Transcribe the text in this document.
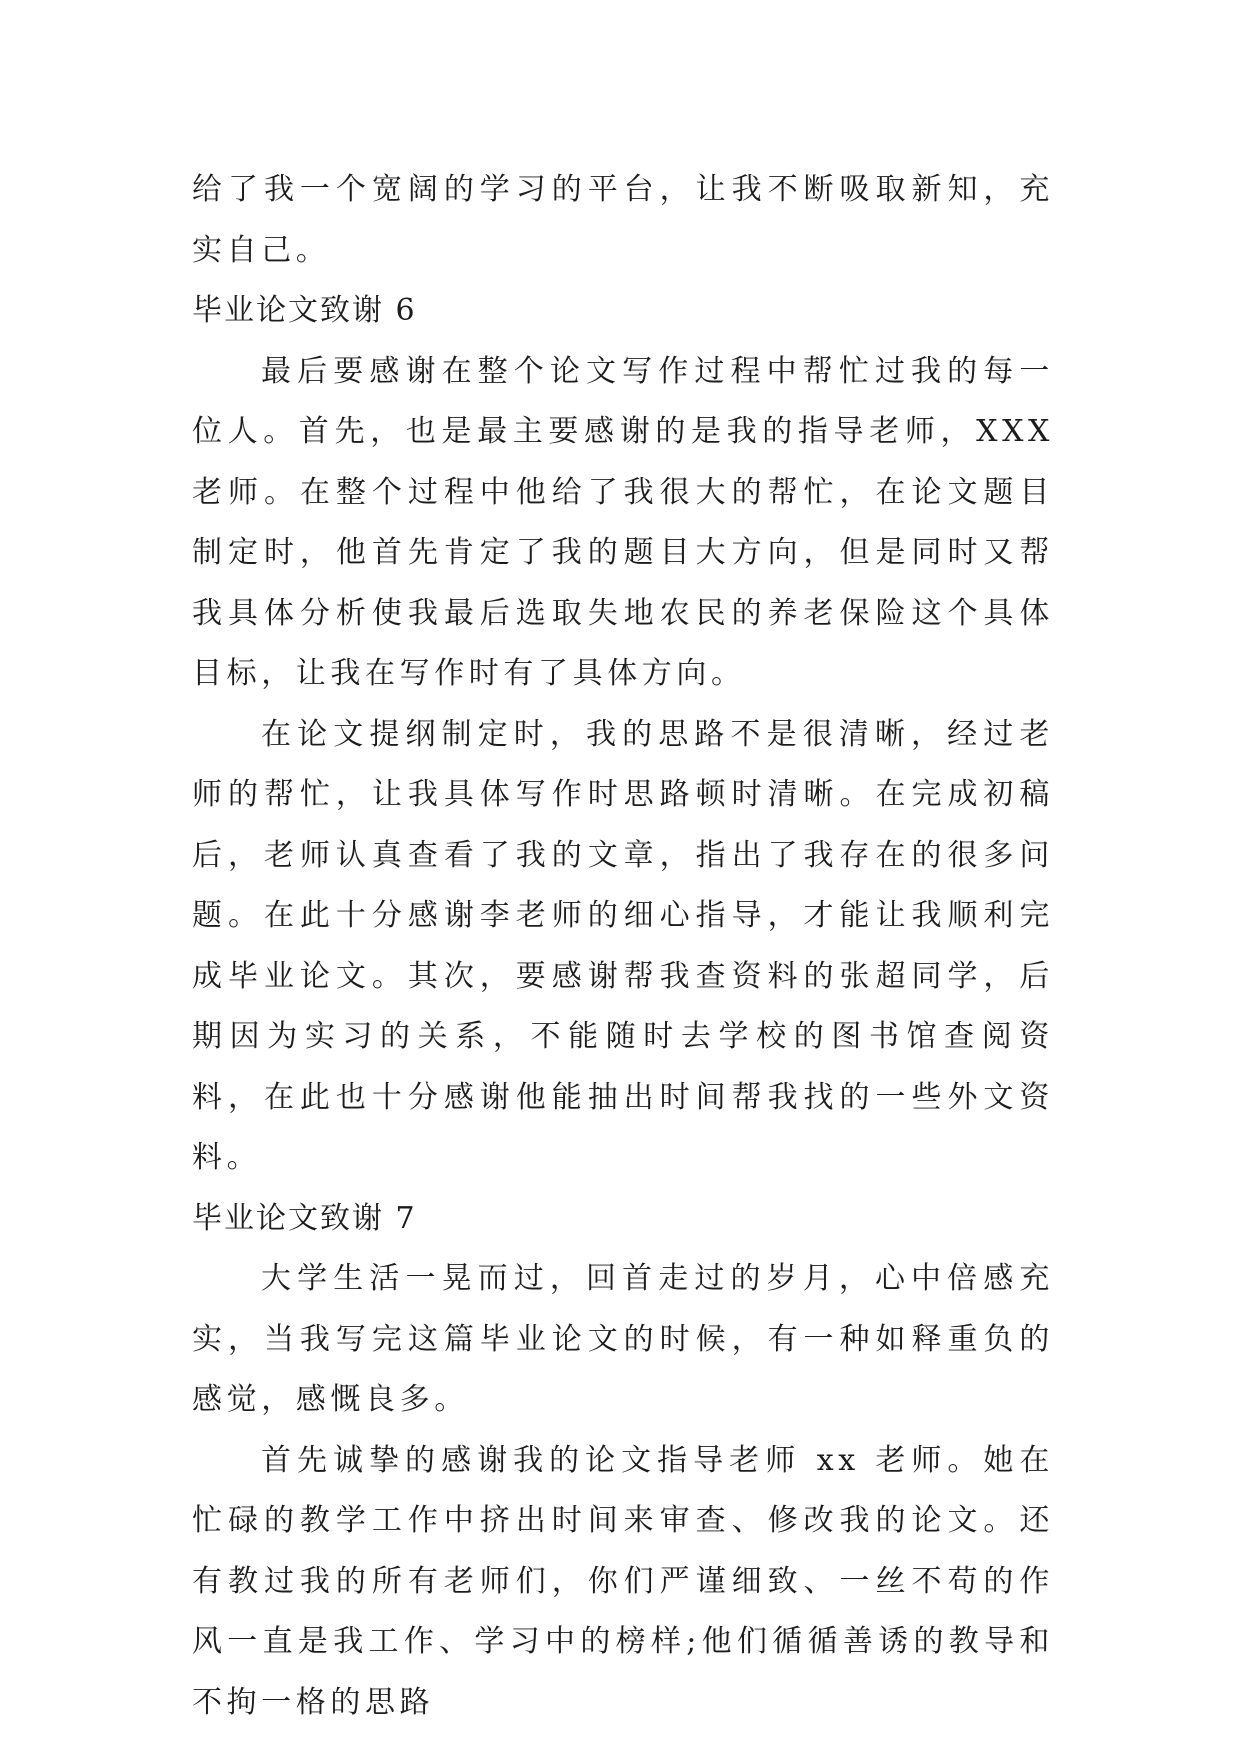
给了我一个宽阔的学习的平台，让我不断吸取新知，充实自己。

毕业论文致谢 6

最后要感谢在整个论文写作过程中帮忙过我的每一位人。首先，也是最主要感谢的是我的指导老师，XXX 老师。在整个过程中他给了我很大的帮忙，在论文题目制定时，他首先肯定了我的题目大方向，但是同时又帮我具体分析使我最后选取失地农民的养老保险这个具体目标，让我在写作时有了具体方向。

在论文提纲制定时，我的思路不是很清晰，经过老师的帮忙，让我具体写作时思路顿时清晰。在完成初稿后，老师认真查看了我的文章，指出了我存在的很多问题。在此十分感谢李老师的细心指导，才能让我顺利完成毕业论文。其次，要感谢帮我查资料的张超同学，后期因为实习的关系，不能随时去学校的图书馆查阅资料，在此也十分感谢他能抽出时间帮我找的一些外文资料。

毕业论文致谢 7

大学生活一晃而过，回首走过的岁月，心中倍感充实，当我写完这篇毕业论文的时候，有一种如释重负的感觉，感慨良多。

首先诚挚的感谢我的论文指导老师 xx 老师。她在忙碌的教学工作中挤出时间来审查、修改我的论文。还有教过我的所有老师们，你们严谨细致、一丝不苟的作风一直是我工作、学习中的榜样;他们循循善诱的教导和不拘一格的思路
